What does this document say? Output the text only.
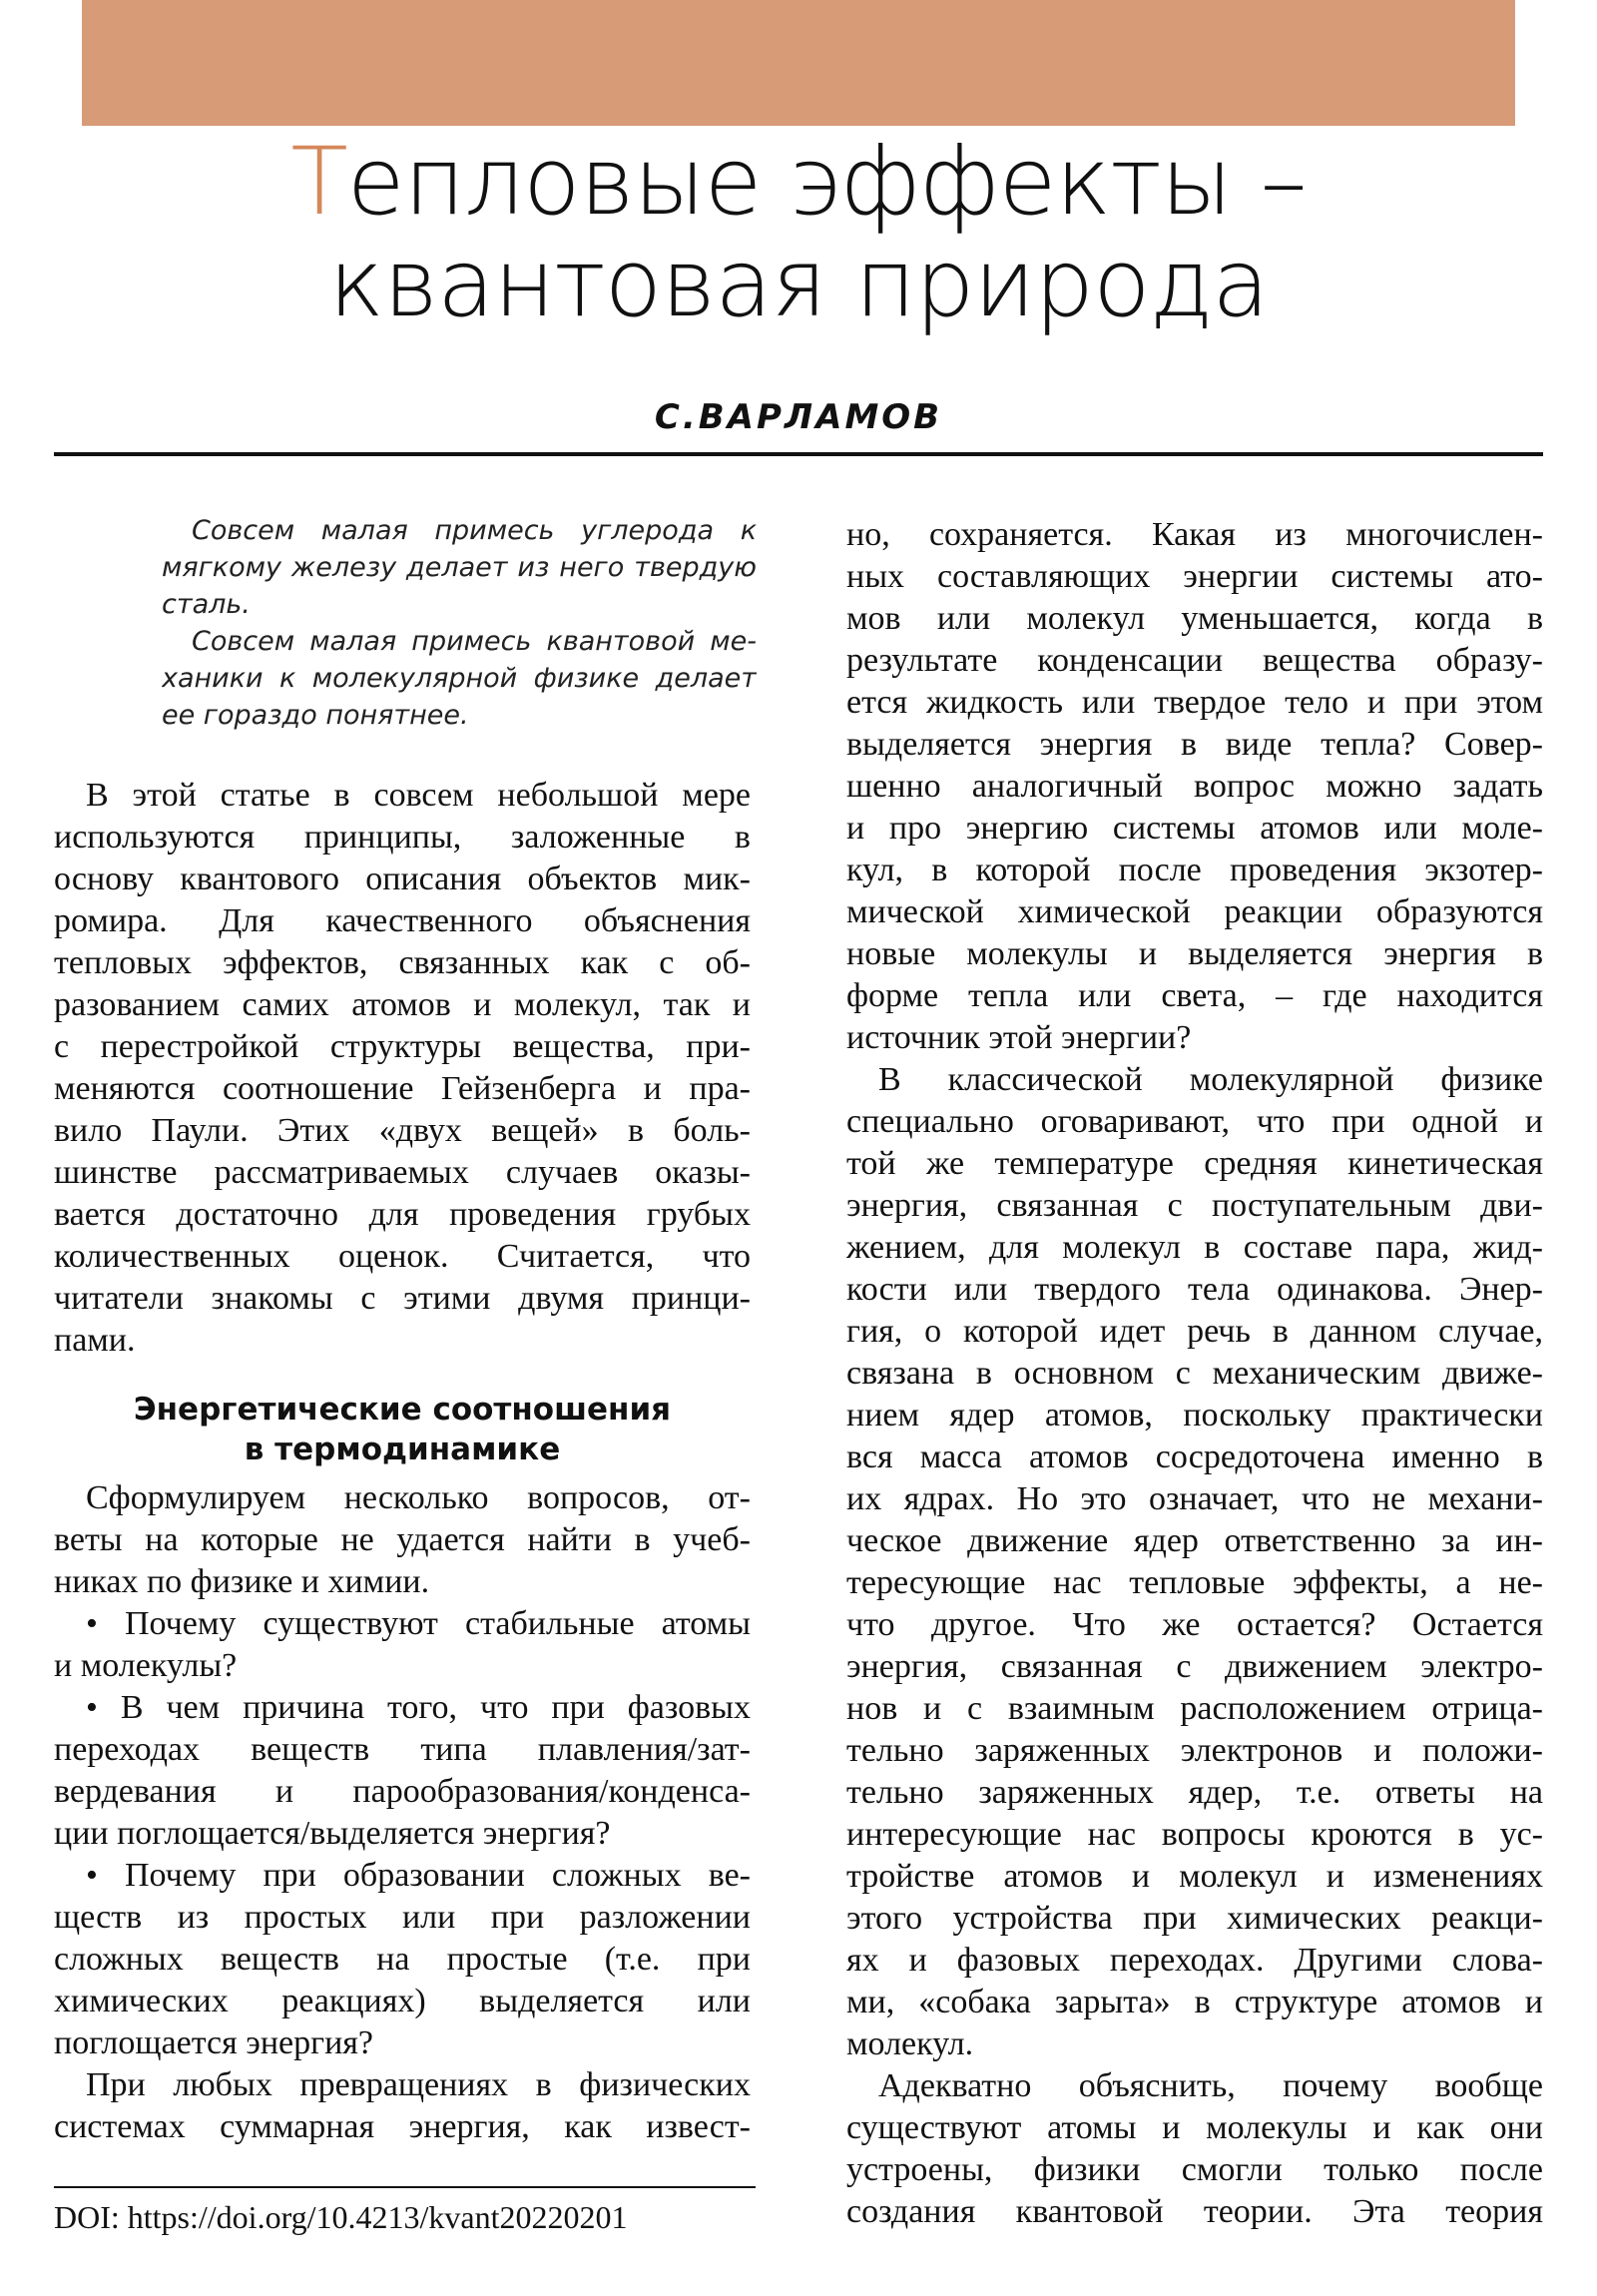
Тепловые эффекты –
квантовая природа
С.ВАРЛАМОВ
Совсем малая примесь углерода к
мягкому железу делает из него твердую
сталь.
Совсем малая примесь квантовой ме-
ханики к молекулярной физике делает
ее гораздо понятнее.
В этой статье в совсем небольшой мере
используются принципы, заложенные в
основу квантового описания объектов мик-
ромира. Для качественного объяснения
тепловых эффектов, связанных как с об-
разованием самих атомов и молекул, так и
с перестройкой структуры вещества, при-
меняются соотношение Гейзенберга и пра-
вило Паули. Этих «двух вещей» в боль-
шинстве рассматриваемых случаев оказы-
вается достаточно для проведения грубых
количественных оценок. Считается, что
читатели знакомы с этими двумя принци-
пами.
Энергетические соотношения
в термодинамике
Сформулируем несколько вопросов, от-
веты на которые не удается найти в учеб-
никах по физике и химии.
• Почему существуют стабильные атомы
и молекулы?
• В чем причина того, что при фазовых
переходах веществ типа плавления/зат-
вердевания и парообразования/конденса-
ции поглощается/выделяется энергия?
• Почему при образовании сложных ве-
ществ из простых или при разложении
сложных веществ на простые (т.е. при
химических реакциях) выделяется или
поглощается энергия?
При любых превращениях в физических
системах суммарная энергия, как извест-
но, сохраняется. Какая из многочислен-
ных составляющих энергии системы ато-
мов или молекул уменьшается, когда в
результате конденсации вещества образу-
ется жидкость или твердое тело и при этом
выделяется энергия в виде тепла? Совер-
шенно аналогичный вопрос можно задать
и про энергию системы атомов или моле-
кул, в которой после проведения экзотер-
мической химической реакции образуются
новые молекулы и выделяется энергия в
форме тепла или света, – где находится
источник этой энергии?
В классической молекулярной физике
специально оговаривают, что при одной и
той же температуре средняя кинетическая
энергия, связанная с поступательным дви-
жением, для молекул в составе пара, жид-
кости или твердого тела одинакова. Энер-
гия, о которой идет речь в данном случае,
связана в основном с механическим движе-
нием ядер атомов, поскольку практически
вся масса атомов сосредоточена именно в
их ядрах. Но это означает, что не механи-
ческое движение ядер ответственно за ин-
тересующие нас тепловые эффекты, а не-
что другое. Что же остается? Остается
энергия, связанная с движением электро-
нов и с взаимным расположением отрица-
тельно заряженных электронов и положи-
тельно заряженных ядер, т.е. ответы на
интересующие нас вопросы кроются в ус-
тройстве атомов и молекул и изменениях
этого устройства при химических реакци-
ях и фазовых переходах. Другими слова-
ми, «собака зарыта» в структуре атомов и
молекул.
Адекватно объяснить, почему вообще
существуют атомы и молекулы и как они
устроены, физики смогли только после
создания квантовой теории. Эта теория
DOI: https://doi.org/10.4213/kvant20220201
